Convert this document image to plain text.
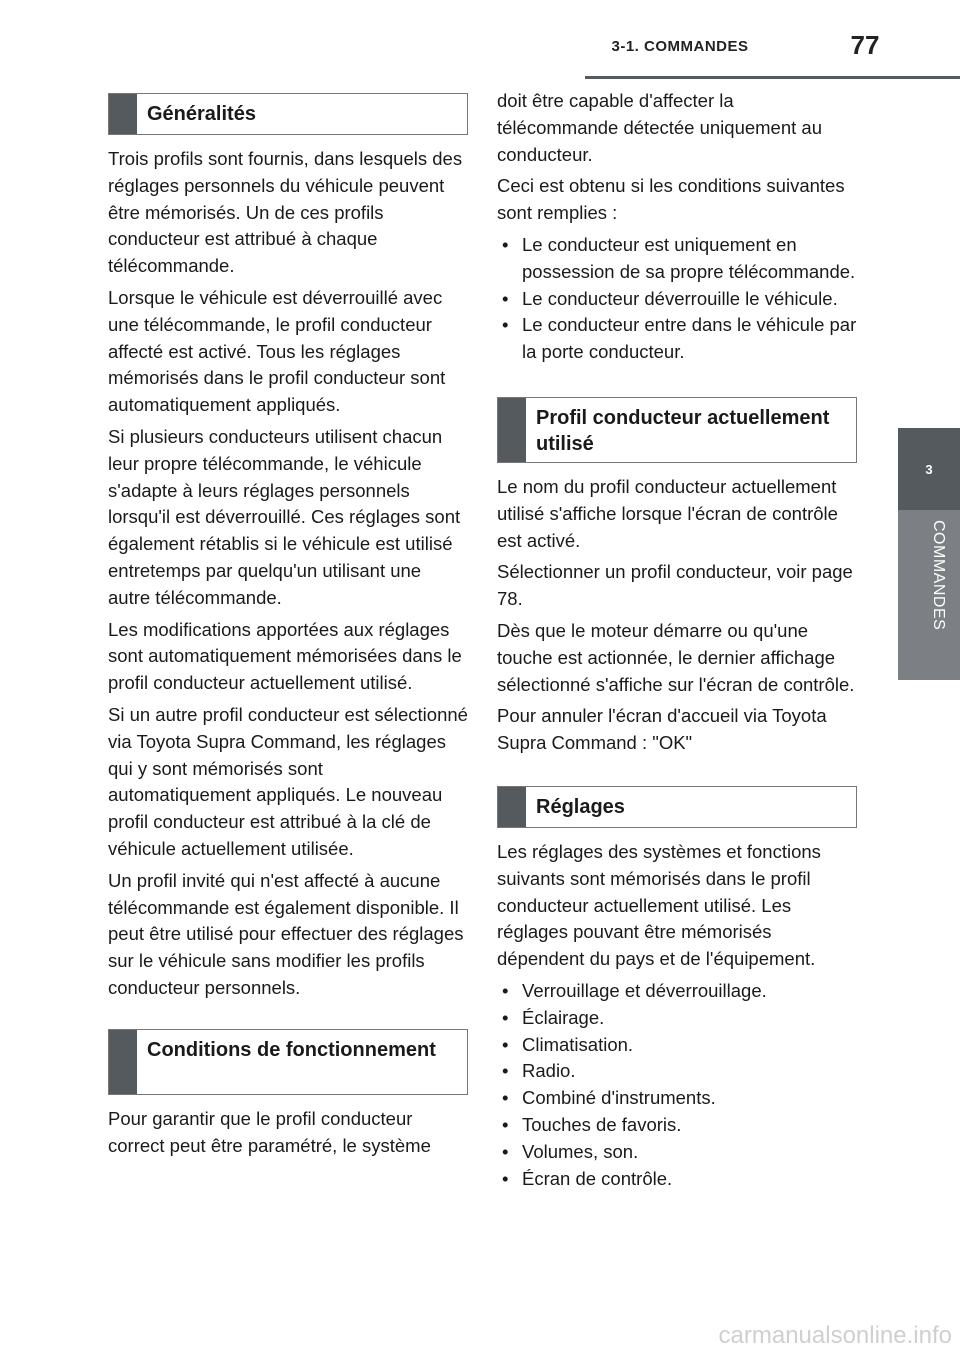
3-1. COMMANDES	77
3
COMMANDES
Généralités

Trois profils sont fournis, dans lesquels des réglages personnels du véhicule peuvent être mémorisés. Un de ces profils conducteur est attribué à chaque télécommande.

Lorsque le véhicule est déverrouillé avec une télécommande, le profil conducteur affecté est activé. Tous les réglages mémorisés dans le profil conducteur sont automatiquement appliqués.

Si plusieurs conducteurs utilisent chacun leur propre télécommande, le véhicule s'adapte à leurs réglages personnels lorsqu'il est déverrouillé. Ces réglages sont également rétablis si le véhicule est utilisé entretemps par quelqu'un utilisant une autre télécommande.

Les modifications apportées aux réglages sont automatiquement mémorisées dans le profil conducteur actuellement utilisé.

Si un autre profil conducteur est sélectionné via Toyota Supra Command, les réglages qui y sont mémorisés sont automatiquement appliqués. Le nouveau profil conducteur est attribué à la clé de véhicule actuellement utilisée.

Un profil invité qui n'est affecté à aucune télécommande est également disponible. Il peut être utilisé pour effectuer des réglages sur le véhicule sans modifier les profils conducteur personnels.

Conditions de fonctionnement

Pour garantir que le profil conducteur correct peut être paramétré, le système

doit être capable d'affecter la télécommande détectée uniquement au conducteur.

Ceci est obtenu si les conditions suivantes sont remplies :

• Le conducteur est uniquement en possession de sa propre télécommande.
• Le conducteur déverrouille le véhicule.
• Le conducteur entre dans le véhicule par la porte conducteur.
Profil conducteur actuellement utilisé

Le nom du profil conducteur actuellement utilisé s'affiche lorsque l'écran de contrôle est activé.

Sélectionner un profil conducteur, voir page 78.

Dès que le moteur démarre ou qu'une touche est actionnée, le dernier affichage sélectionné s'affiche sur l'écran de contrôle.

Pour annuler l'écran d'accueil via Toyota Supra Command : "OK"

Réglages

Les réglages des systèmes et fonctions suivants sont mémorisés dans le profil conducteur actuellement utilisé. Les réglages pouvant être mémorisés dépendent du pays et de l'équipement.

• Verrouillage et déverrouillage.
• Éclairage.
• Climatisation.
• Radio.
• Combiné d'instruments.
• Touches de favoris.
• Volumes, son.
• Écran de contrôle.
carmanualsonline.info
